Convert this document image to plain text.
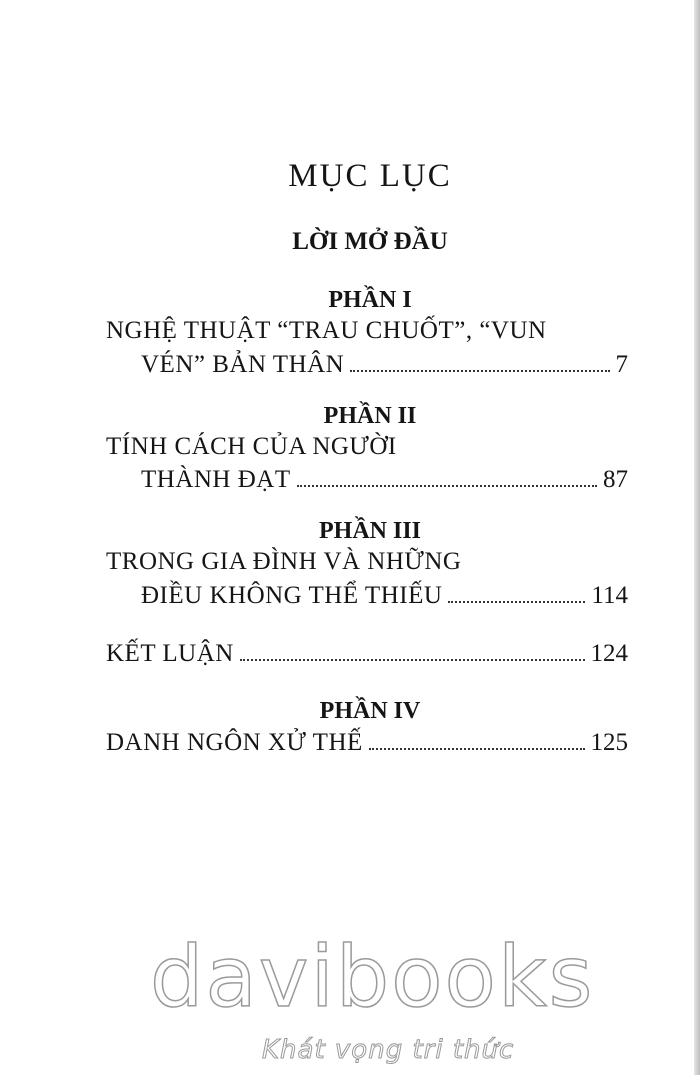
MỤC LỤC
LỜI MỞ ĐẦU
PHẦN I
NGHỆ THUẬT “TRAU CHUỐT”, “VUN
VÉN” BẢN THÂN	7
PHẦN II
TÍNH CÁCH CỦA NGƯỜI
THÀNH ĐẠT	87
PHẦN III
TRONG GIA ĐÌNH VÀ NHỮNG
ĐIỀU KHÔNG THỂ THIẾU	114
KẾT LUẬN	124
PHẦN IV
DANH NGÔN XỬ THẾ	125
davibooks
Khát vọng tri thức
